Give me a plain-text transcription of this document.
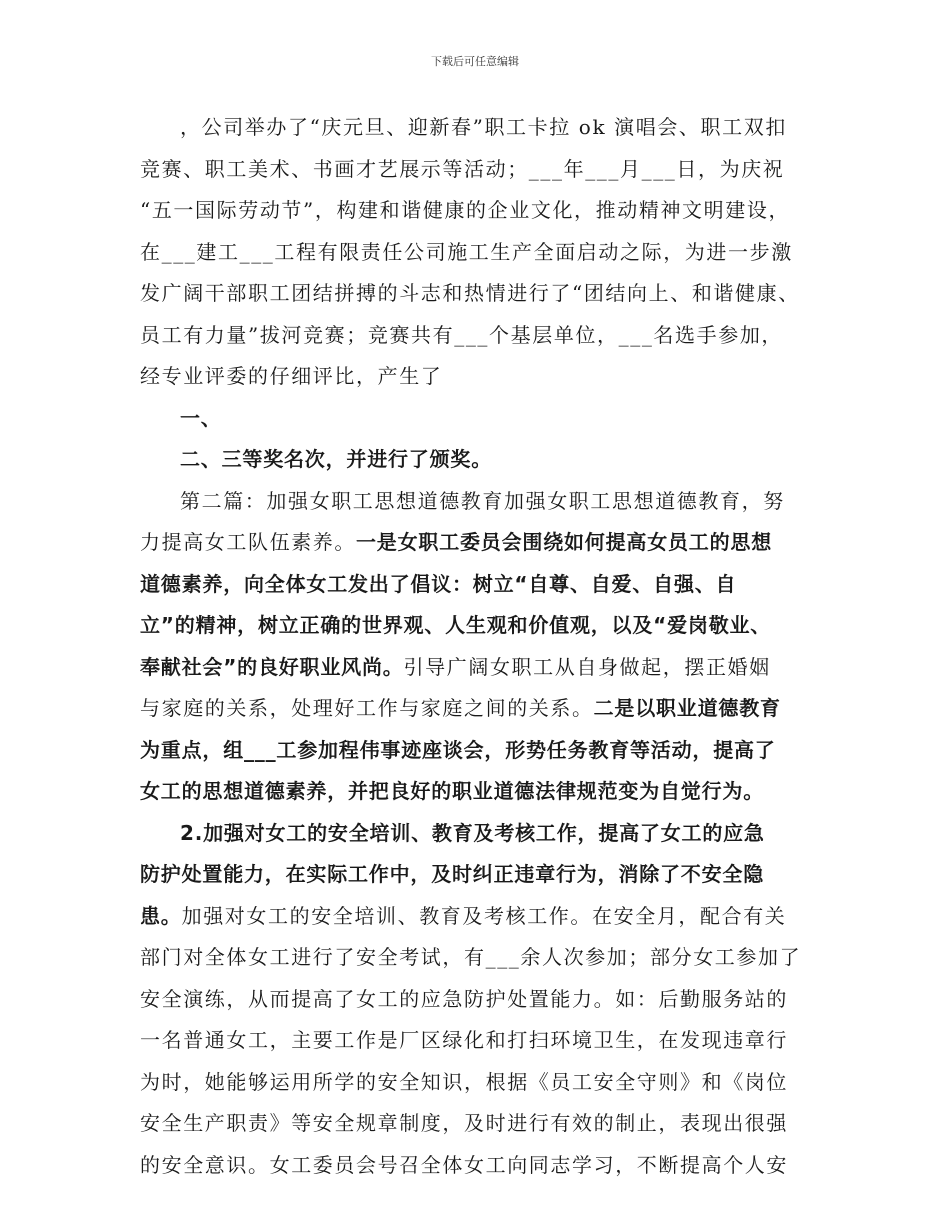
下载后可任意编辑
，公司举办了“庆元旦、迎新春”职工卡拉 ok 演唱会、职工双扣
竞赛、职工美术、书画才艺展示等活动；___年___月___日，为庆祝
“五一国际劳动节”，构建和谐健康的企业文化，推动精神文明建设，
在___建工___工程有限责任公司施工生产全面启动之际，为进一步激
发广阔干部职工团结拼搏的斗志和热情进行了“团结向上、和谐健康、
员工有力量”拔河竞赛；竞赛共有___个基层单位，___名选手参加，
经专业评委的仔细评比，产生了
一、
二、三等奖名次，并进行了颁奖。
第二篇：加强女职工思想道德教育加强女职工思想道德教育，努
力提高女工队伍素养。一是女职工委员会围绕如何提高女员工的思想
道德素养，向全体女工发出了倡议：树立“自尊、自爱、自强、自
立”的精神，树立正确的世界观、人生观和价值观，以及“爱岗敬业、
奉献社会”的良好职业风尚。引导广阔女职工从自身做起，摆正婚姻
与家庭的关系，处理好工作与家庭之间的关系。二是以职业道德教育
为重点，组___工参加程伟事迹座谈会，形势任务教育等活动，提高了
女工的思想道德素养，并把良好的职业道德法律规范变为自觉行为。
2.加强对女工的安全培训、教育及考核工作，提高了女工的应急
防护处置能力，在实际工作中，及时纠正违章行为，消除了不安全隐
患。加强对女工的安全培训、教育及考核工作。在安全月，配合有关
部门对全体女工进行了安全考试，有___余人次参加；部分女工参加了
安全演练，从而提高了女工的应急防护处置能力。如：后勤服务站的
一名普通女工，主要工作是厂区绿化和打扫环境卫生，在发现违章行
为时，她能够运用所学的安全知识，根据《员工安全守则》和《岗位
安全生产职责》等安全规章制度，及时进行有效的制止，表现出很强
的安全意识。女工委员会号召全体女工向同志学习，不断提高个人安
